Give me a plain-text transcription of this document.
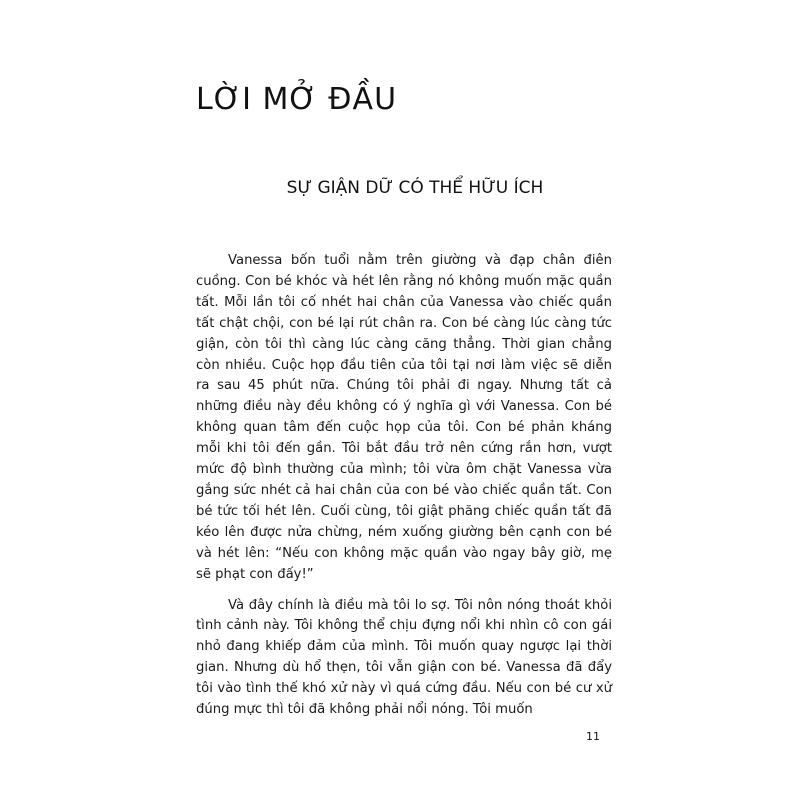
LỜI MỞ ĐẦU
SỰ GIẬN DỮ CÓ THỂ HỮU ÍCH

Vanessa bốn tuổi nằm trên giường và đạp chân điên cuồng. Con bé khóc và hét lên rằng nó không muốn mặc quần tất. Mỗi lần tôi cố nhét hai chân của Vanessa vào chiếc quần tất chật chội, con bé lại rút chân ra. Con bé càng lúc càng tức giận, còn tôi thì càng lúc càng căng thẳng. Thời gian chẳng còn nhiều. Cuộc họp đầu tiên của tôi tại nơi làm việc sẽ diễn ra sau 45 phút nữa. Chúng tôi phải đi ngay. Nhưng tất cả những điều này đều không có ý nghĩa gì với Vanessa. Con bé không quan tâm đến cuộc họp của tôi. Con bé phản kháng mỗi khi tôi đến gần. Tôi bắt đầu trở nên cứng rắn hơn, vượt mức độ bình thường của mình; tôi vừa ôm chặt Vanessa vừa gắng sức nhét cả hai chân của con bé vào chiếc quần tất. Con bé tức tối hét lên. Cuối cùng, tôi giật phăng chiếc quần tất đã kéo lên được nửa chừng, ném xuống giường bên cạnh con bé và hét lên: “Nếu con không mặc quần vào ngay bây giờ, mẹ sẽ phạt con đấy!”

Và đây chính là điều mà tôi lo sợ. Tôi nôn nóng thoát khỏi tình cảnh này. Tôi không thể chịu đựng nổi khi nhìn cô con gái nhỏ đang khiếp đảm của mình. Tôi muốn quay ngược lại thời gian. Nhưng dù hổ thẹn, tôi vẫn giận con bé. Vanessa đã đẩy tôi vào tình thế khó xử này vì quá cứng đầu. Nếu con bé cư xử đúng mực thì tôi đã không phải nổi nóng. Tôi muốn

11
